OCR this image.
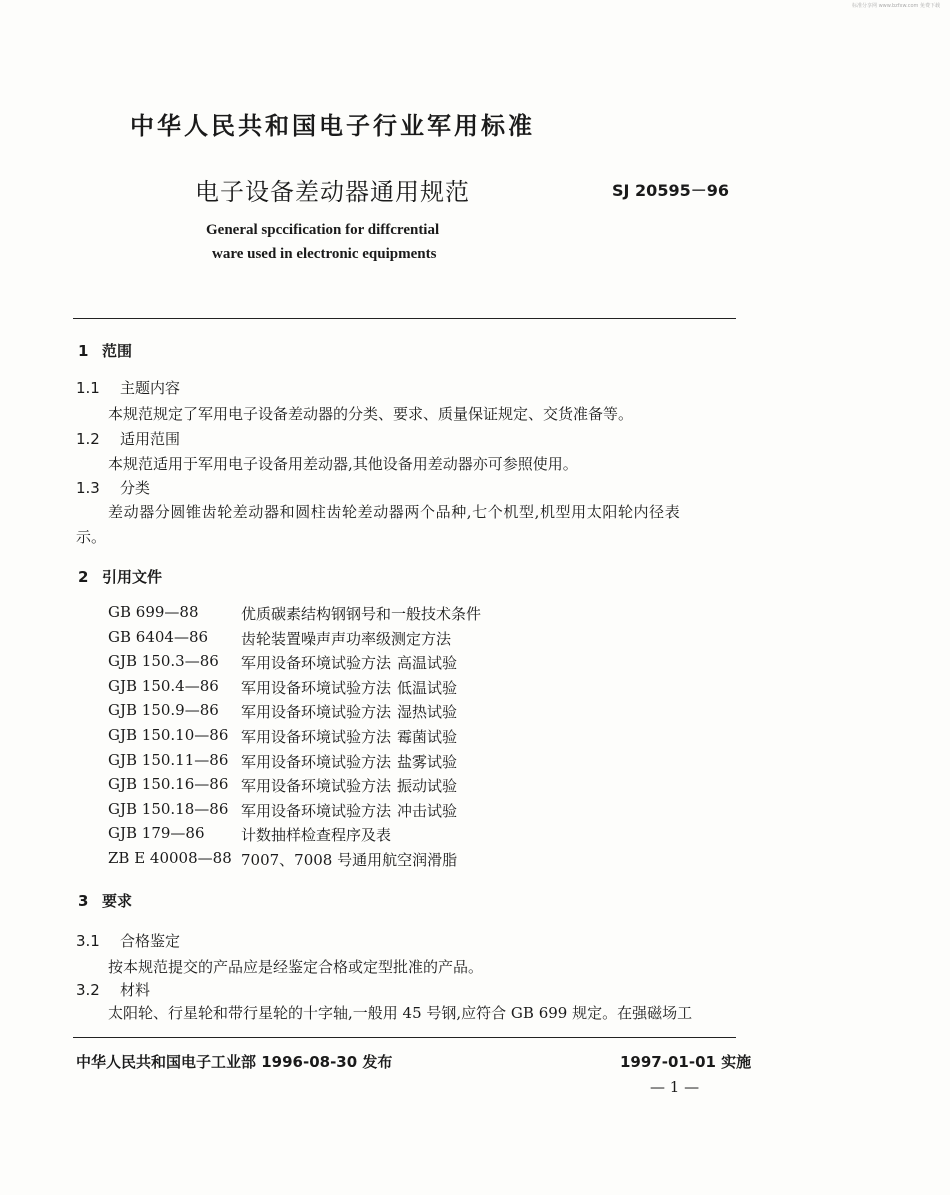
标准分享网 www.bzfxw.com 免费下载
中华人民共和国电子行业军用标准
电子设备差动器通用规范	SJ 20595－96
General spccification for diffcrential
ware used in electronic equipments
1 范围
1.1 主题内容
本规范规定了军用电子设备差动器的分类、要求、质量保证规定、交货准备等。
1.2 适用范围
本规范适用于军用电子设备用差动器,其他设备用差动器亦可参照使用。
1.3 分类
差动器分圆锥齿轮差动器和圆柱齿轮差动器两个品种,七个机型,机型用太阳轮内径表
示。
2 引用文件
GB 699—88	优质碳素结构钢钢号和一般技术条件
GB 6404—86 齿轮装置噪声声功率级测定方法
GJB 150.3—86 军用设备环境试验方法 高温试验
GJB 150.4—86 军用设备环境试验方法 低温试验
GJB 150.9—86 军用设备环境试验方法 湿热试验
GJB 150.10—86 军用设备环境试验方法 霉菌试验
GJB 150.11—86 军用设备环境试验方法 盐雾试验
GJB 150.16—86 军用设备环境试验方法 振动试验
GJB 150.18—86 军用设备环境试验方法 冲击试验
GJB 179—86 计数抽样检查程序及表
ZB E 40008—88 7007、7008 号通用航空润滑脂
3 要求
3.1 合格鉴定
按本规范提交的产品应是经鉴定合格或定型批准的产品。
3.2 材料
太阳轮、行星轮和带行星轮的十字轴,一般用 45 号钢,应符合 GB 699 规定。在强磁场工
中华人民共和国电子工业部 1996-08-30 发布	1997-01-01 实施
— 1 —
